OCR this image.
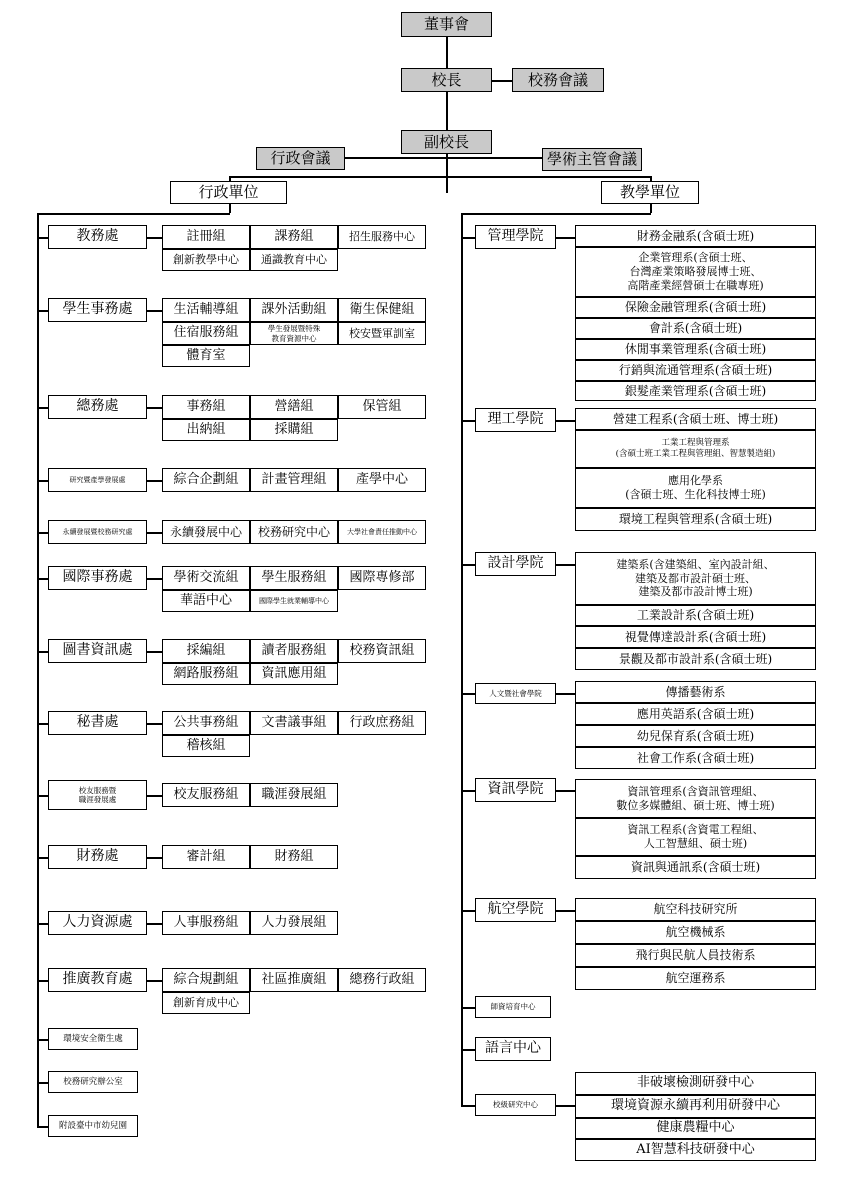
董事會
校長	校務會議
副校長
行政會議	學術主管會議
行政單位	教學單位
教務處
學生事務處
總務處
研究暨產學發展處
永續發展暨校務研究處
國際事務處
圖書資訊處
秘書處
校友服務暨
職涯發展處
財務處
人力資源處
推廣教育處
環境安全衛生處
校務研究辦公室
附設臺中市幼兒園
註冊組	課務組	招生服務中心
創新教學中心	通識教育中心
生活輔導組	課外活動組	衛生保健組
住宿服務組	學生發展暨特殊
教育資源中心	校安暨軍訓室
體育室
事務組	營繕組	保管組
出納組	採購組
綜合企劃組	計畫管理組	產學中心
永續發展中心	校務研究中心	大學社會責任推動中心
學術交流組	學生服務組	國際專修部
華語中心	國際學生就業輔導中心
採編組	讀者服務組	校務資訊組
網路服務組	資訊應用組
公共事務組	文書議事組	行政庶務組
稽核組
校友服務組	職涯發展組
審計組	財務組
人事服務組	人力發展組
綜合規劃組	社區推廣組	總務行政組
創新育成中心
管理學院
理工學院
設計學院
人文暨社會學院
資訊學院
航空學院
師資培育中心
語言中心
校級研究中心
財務金融系(含碩士班)
企業管理系(含碩士班、
台灣產業策略發展博士班、
高階產業經營碩士在職專班)
保險金融管理系(含碩士班)
會計系(含碩士班)
休閒事業管理系(含碩士班)
行銷與流通管理系(含碩士班)
銀髮產業管理系(含碩士班)
營建工程系(含碩士班、博士班)
工業工程與管理系
(含碩士班工業工程與管理組、智慧製造組)
應用化學系
(含碩士班、生化科技博士班)
環境工程與管理系(含碩士班)
建築系(含建築組、室內設計組、
建築及都市設計碩士班、
建築及都市設計博士班)
工業設計系(含碩士班)
視覺傳達設計系(含碩士班)
景觀及都市設計系(含碩士班)
傳播藝術系
應用英語系(含碩士班)
幼兒保育系(含碩士班)
社會工作系(含碩士班)
資訊管理系(含資訊管理組、
數位多媒體組、碩士班、博士班)
資訊工程系(含資電工程組、
人工智慧組、碩士班)
資訊與通訊系(含碩士班)
航空科技研究所
航空機械系
飛行與民航人員技術系
航空運務系
非破壞檢測研發中心
環境資源永續再利用研發中心
健康農糧中心
AI智慧科技研發中心
